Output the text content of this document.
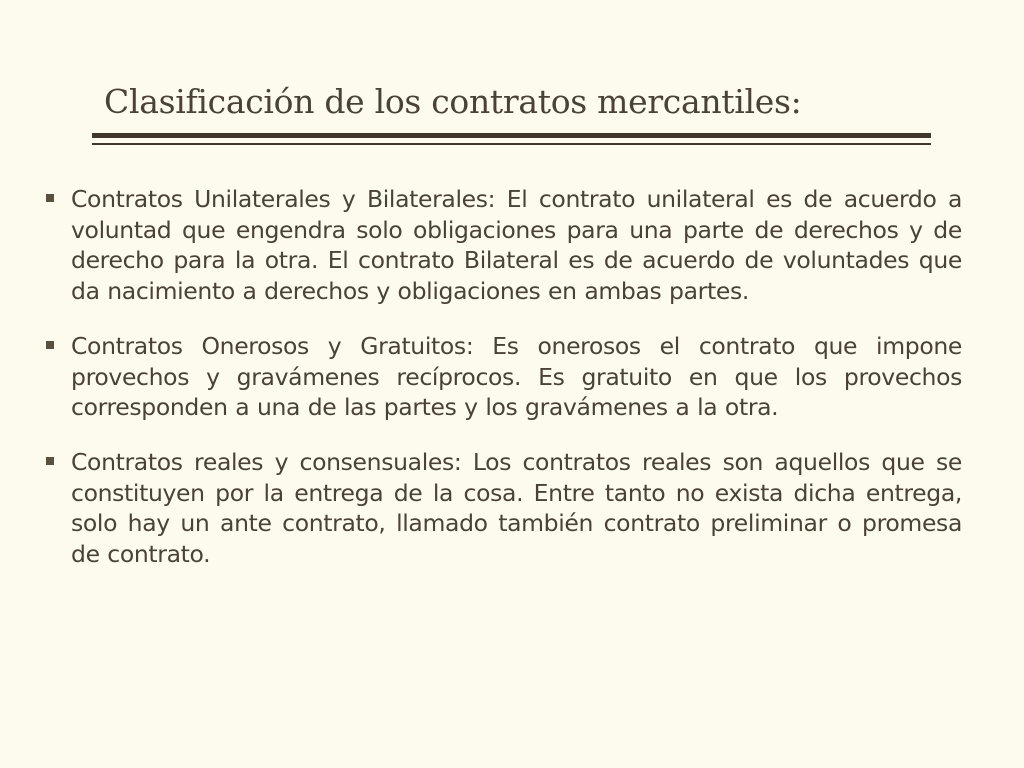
Clasificación de los contratos mercantiles:
Contratos Unilaterales y Bilaterales: El contrato unilateral es de acuerdo a voluntad que engendra solo obligaciones para una parte de derechos y de derecho para la otra. El contrato Bilateral es de acuerdo de voluntades que da nacimiento a derechos y obligaciones en ambas partes.
Contratos Onerosos y Gratuitos: Es onerosos el contrato que impone provechos y gravámenes recíprocos. Es gratuito en que los provechos corresponden a una de las partes y los gravámenes a la otra.
Contratos reales y consensuales: Los contratos reales son aquellos que se constituyen por la entrega de la cosa. Entre tanto no exista dicha entrega, solo hay un ante contrato, llamado también contrato preliminar o promesa de contrato.
